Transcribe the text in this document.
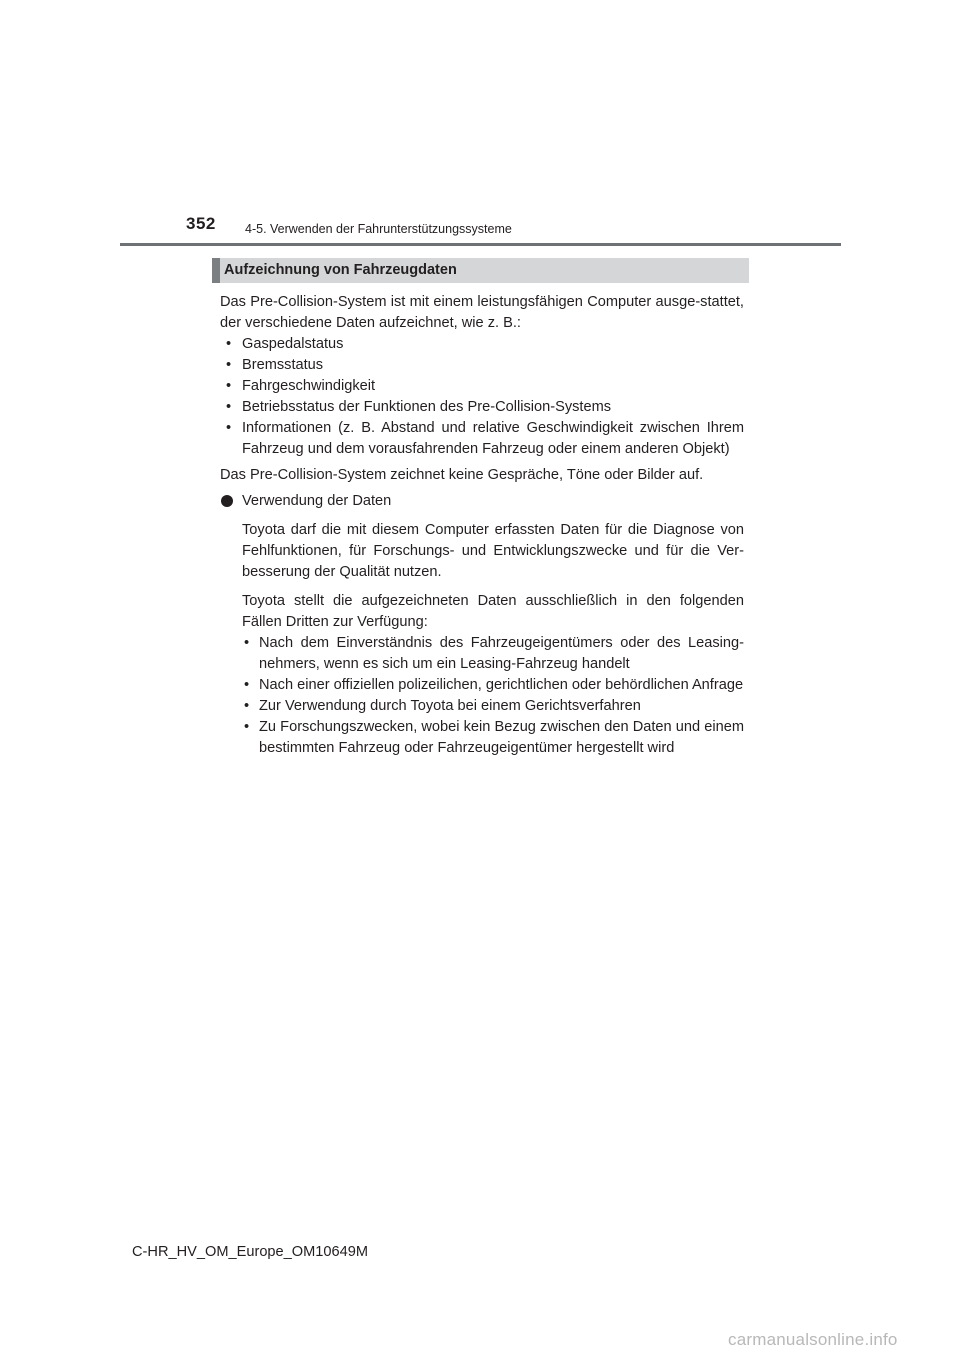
352 4-5. Verwenden der Fahrunterstützungssysteme
Aufzeichnung von Fahrzeugdaten

Das Pre-Collision-System ist mit einem leistungsfähigen Computer ausge-stattet, der verschiedene Daten aufzeichnet, wie z. B.:

• Gaspedalstatus
• Bremsstatus
• Fahrgeschwindigkeit
• Betriebsstatus der Funktionen des Pre-Collision-Systems
• Informationen (z. B. Abstand und relative Geschwindigkeit zwischen Ihrem Fahrzeug und dem vorausfahrenden Fahrzeug oder einem anderen Objekt)

Das Pre-Collision-System zeichnet keine Gespräche, Töne oder Bilder auf.

Verwendung der Daten

Toyota darf die mit diesem Computer erfassten Daten für die Diagnose von Fehlfunktionen, für Forschungs- und Entwicklungszwecke und für die Ver-besserung der Qualität nutzen.

Toyota stellt die aufgezeichneten Daten ausschließlich in den folgenden Fällen Dritten zur Verfügung:

• Nach dem Einverständnis des Fahrzeugeigentümers oder des Leasing-nehmers, wenn es sich um ein Leasing-Fahrzeug handelt
• Nach einer offiziellen polizeilichen, gerichtlichen oder behördlichen Anfrage
• Zur Verwendung durch Toyota bei einem Gerichtsverfahren
• Zu Forschungszwecken, wobei kein Bezug zwischen den Daten und einem bestimmten Fahrzeug oder Fahrzeugeigentümer hergestellt wird
C-HR_HV_OM_Europe_OM10649M
carmanualsonline.info
